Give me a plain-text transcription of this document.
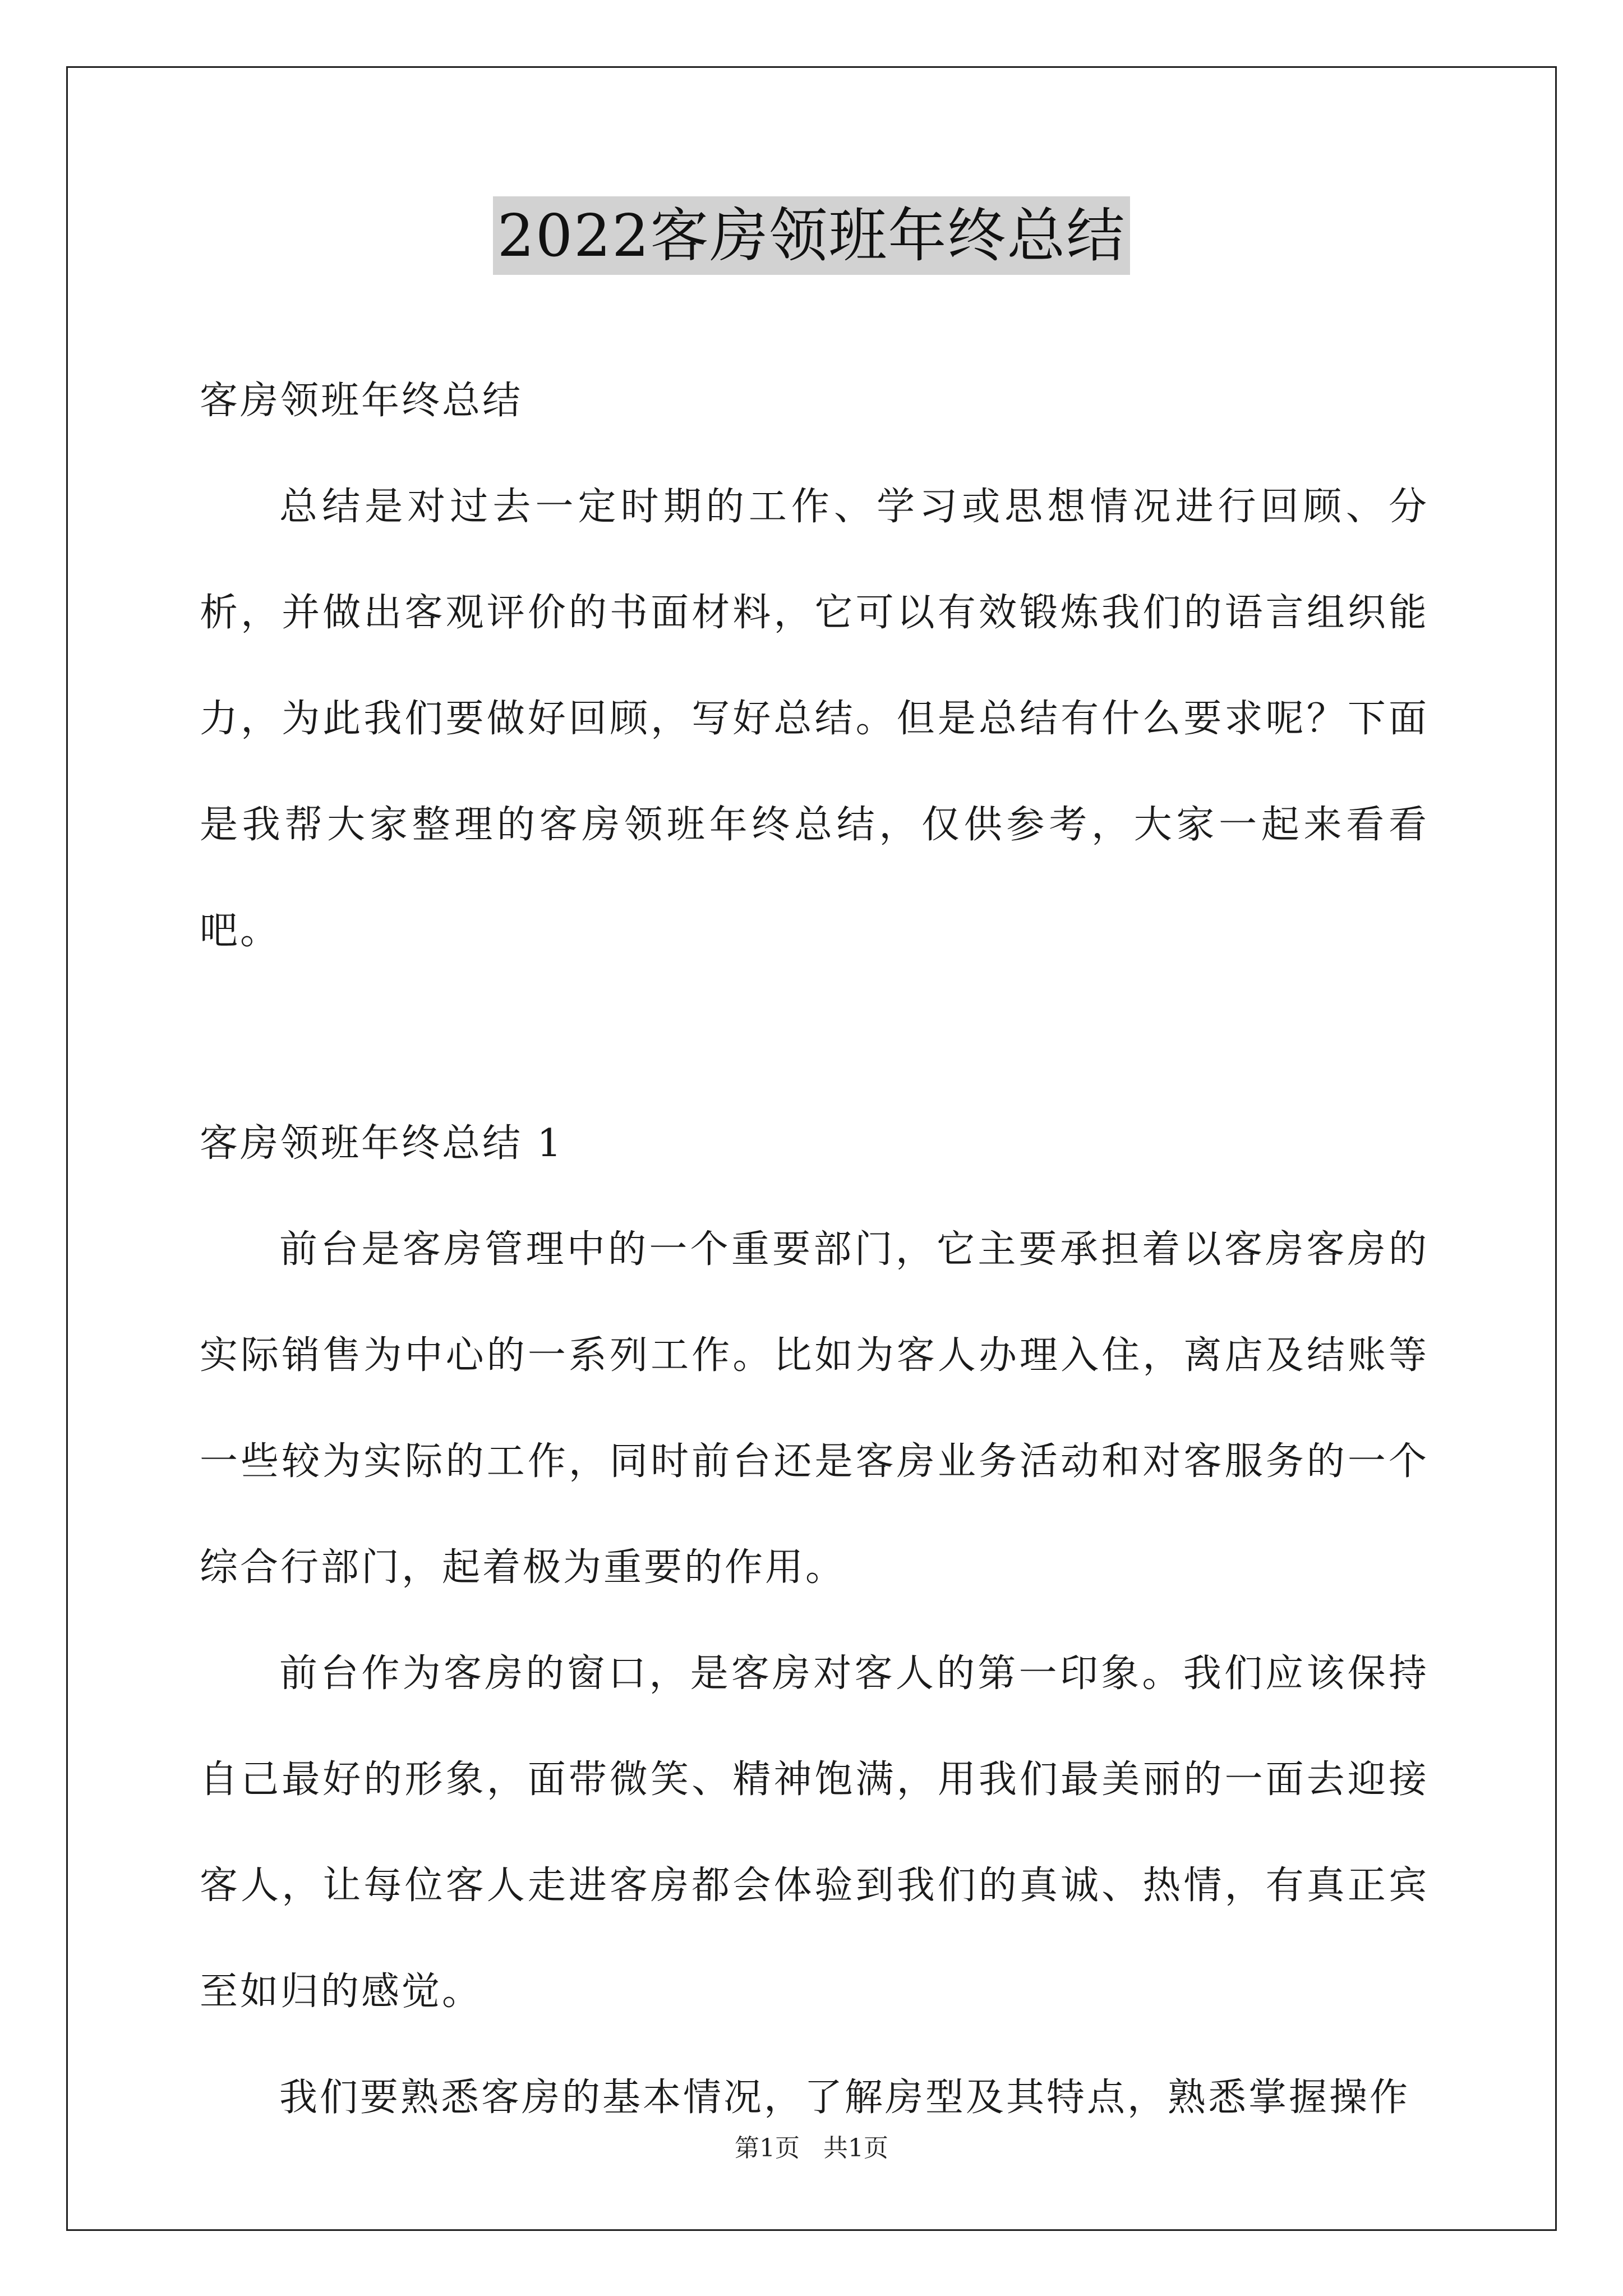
2022客房领班年终总结

客房领班年终总结

总结是对过去一定时期的工作、学习或思想情况进行回顾、分析，并做出客观评价的书面材料，它可以有效锻炼我们的语言组织能力，为此我们要做好回顾，写好总结。但是总结有什么要求呢？下面是我帮大家整理的客房领班年终总结，仅供参考，大家一起来看看吧。

客房领班年终总结 1

前台是客房管理中的一个重要部门，它主要承担着以客房客房的实际销售为中心的一系列工作。比如为客人办理入住，离店及结账等一些较为实际的工作，同时前台还是客房业务活动和对客服务的一个综合行部门，起着极为重要的作用。

前台作为客房的窗口，是客房对客人的第一印象。我们应该保持自己最好的形象，面带微笑、精神饱满，用我们最美丽的一面去迎接客人，让每位客人走进客房都会体验到我们的真诚、热情，有真正宾至如归的感觉。

我们要熟悉客房的基本情况，了解房型及其特点，熟悉掌握操作

第1页   共1页
